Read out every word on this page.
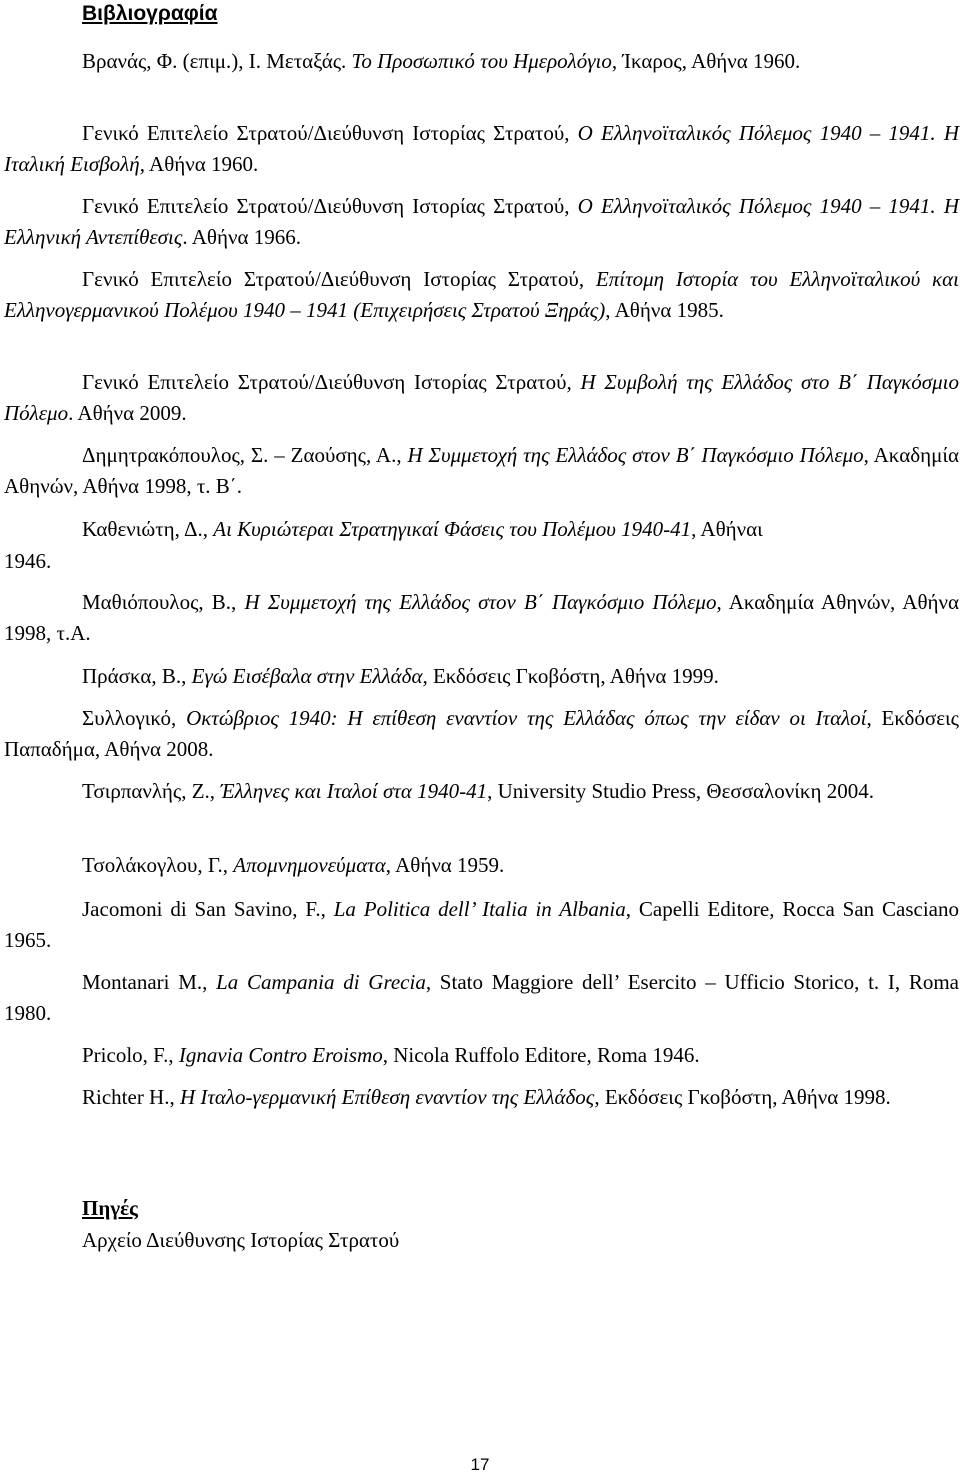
Βιβλιογραφία
Βρανάς, Φ. (επιμ.), Ι. Μεταξάς. Το Προσωπικό του Ημερολόγιο, Ίκαρος, Αθήνα 1960.
Γενικό Επιτελείο Στρατού/Διεύθυνση Ιστορίας Στρατού, Ο Ελληνοϊταλικός Πόλεμος 1940 – 1941. Η Ιταλική Εισβολή, Αθήνα 1960.
Γενικό Επιτελείο Στρατού/Διεύθυνση Ιστορίας Στρατού, Ο Ελληνοϊταλικός Πόλεμος 1940 – 1941. Η Ελληνική Αντεπίθεσις. Αθήνα 1966.
Γενικό Επιτελείο Στρατού/Διεύθυνση Ιστορίας Στρατού, Επίτομη Ιστορία του Ελληνοϊταλικού και Ελληνογερμανικού Πολέμου 1940 – 1941 (Επιχειρήσεις Στρατού Ξηράς), Αθήνα 1985.
Γενικό Επιτελείο Στρατού/Διεύθυνση Ιστορίας Στρατού, Η Συμβολή της Ελλάδος στο Β΄ Παγκόσμιο Πόλεμο. Αθήνα 2009.
Δημητρακόπουλος, Σ. – Ζαούσης, Α., Η Συμμετοχή της Ελλάδος στον Β΄ Παγκόσμιο Πόλεμο, Ακαδημία Αθηνών, Αθήνα 1998, τ. Β΄.
Καθενιώτη, Δ., Αι Κυριώτεραι Στρατηγικαί Φάσεις του Πολέμου 1940-41, Αθήναι
1946.
Μαθιόπουλος, Β., Η Συμμετοχή της Ελλάδος στον Β΄ Παγκόσμιο Πόλεμο, Ακαδημία Αθηνών, Αθήνα 1998, τ.Α.
Πράσκα, Β., Εγώ Εισέβαλα στην Ελλάδα, Εκδόσεις Γκοβόστη, Αθήνα 1999.
Συλλογικό, Οκτώβριος 1940: Η επίθεση εναντίον της Ελλάδας όπως την είδαν οι Ιταλοί, Εκδόσεις Παπαδήμα, Αθήνα 2008.
Τσιρπανλής, Ζ., Έλληνες και Ιταλοί στα 1940-41, University Studio Press, Θεσσαλονίκη 2004.
Τσολάκογλου, Γ., Απομνημονεύματα, Αθήνα 1959.
Jacomoni di San Savino, F., La Politica dell’ Italia in Albania, Capelli Editore, Rocca San Casciano 1965.
Montanari M., La Campania di Grecia, Stato Maggiore dell’ Esercito – Ufficio Storico, t. I, Roma 1980.
Pricolo, F., Ignavia Contro Eroismo, Nicola Ruffolo Editore, Roma 1946.
Richter H., Η Ιταλο-γερμανική Επίθεση εναντίον της Ελλάδος, Εκδόσεις Γκοβόστη, Αθήνα 1998.
Πηγές
Αρχείο Διεύθυνσης Ιστορίας Στρατού
17
